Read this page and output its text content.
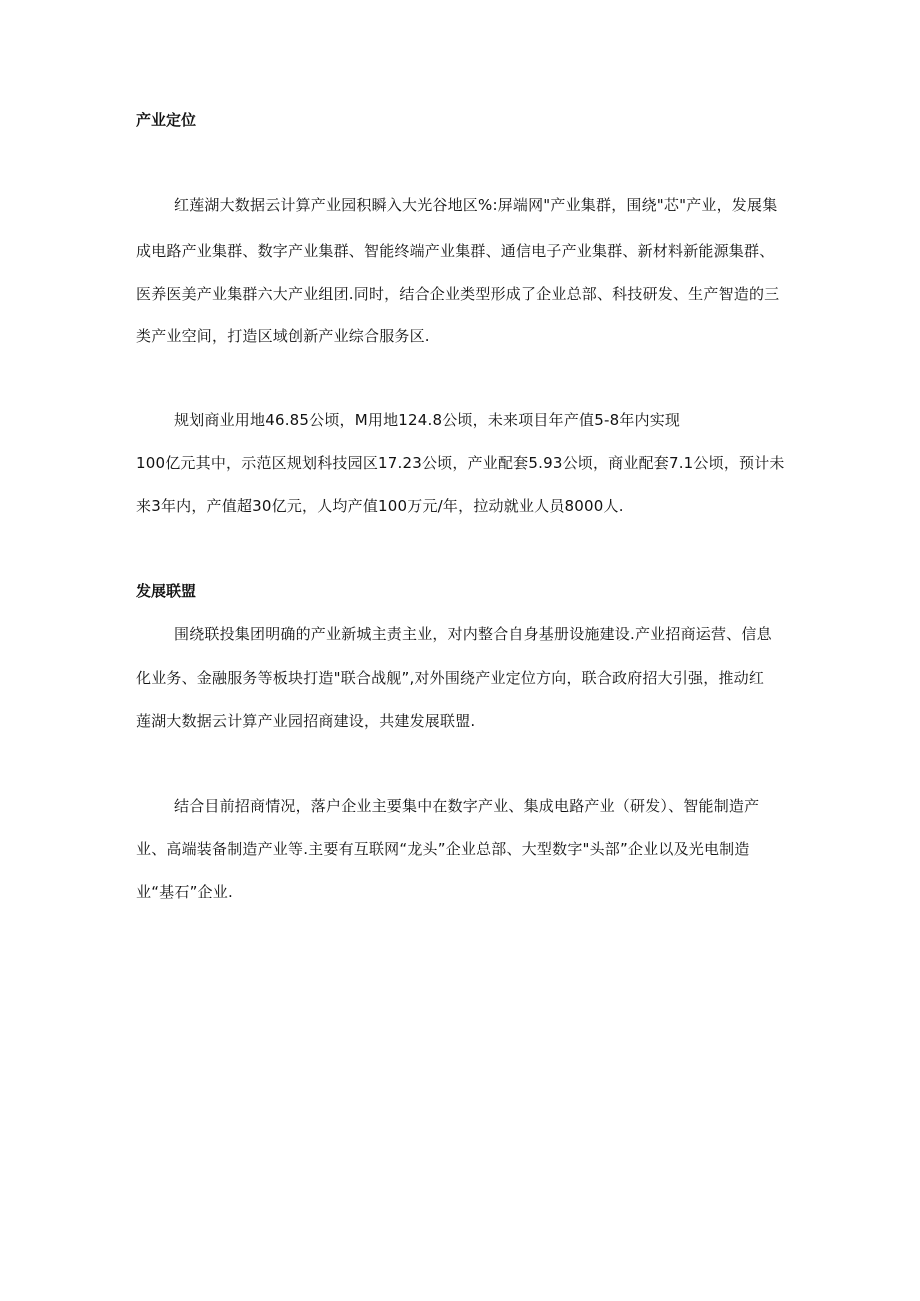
产业定位
红莲湖大数据云计算产业园积瞬入大光谷地区%:屏端网"产业集群，围绕"芯"产业，发展集
成电路产业集群、数字产业集群、智能终端产业集群、通信电子产业集群、新材料新能源集群、
医养医美产业集群六大产业组团.同时，结合企业类型形成了企业总部、科技研发、生产智造的三
类产业空间，打造区域创新产业综合服务区.
规划商业用地46.85公顷，M用地124.8公顷，未来项目年产值5-8年内实现
100亿元其中，示范区规划科技园区17.23公顷，产业配套5.93公顷，商业配套7.1公顷，预计未
来3年内，产值超30亿元，人均产值100万元/年，拉动就业人员8000人.
发展联盟
围绕联投集团明确的产业新城主责主业，对内整合自身基册设施建设.产业招商运营、信息
化业务、金融服务等板块打造"联合战舰”,对外围绕产业定位方向，联合政府招大引强，推动红
莲湖大数据云计算产业园招商建设，共建发展联盟.
结合目前招商情况，落户企业主要集中在数字产业、集成电路产业（研发）、智能制造产
业、高端装备制造产业等.主要有互联网“龙头”企业总部、大型数字"头部”企业以及光电制造
业“基石”企业.
